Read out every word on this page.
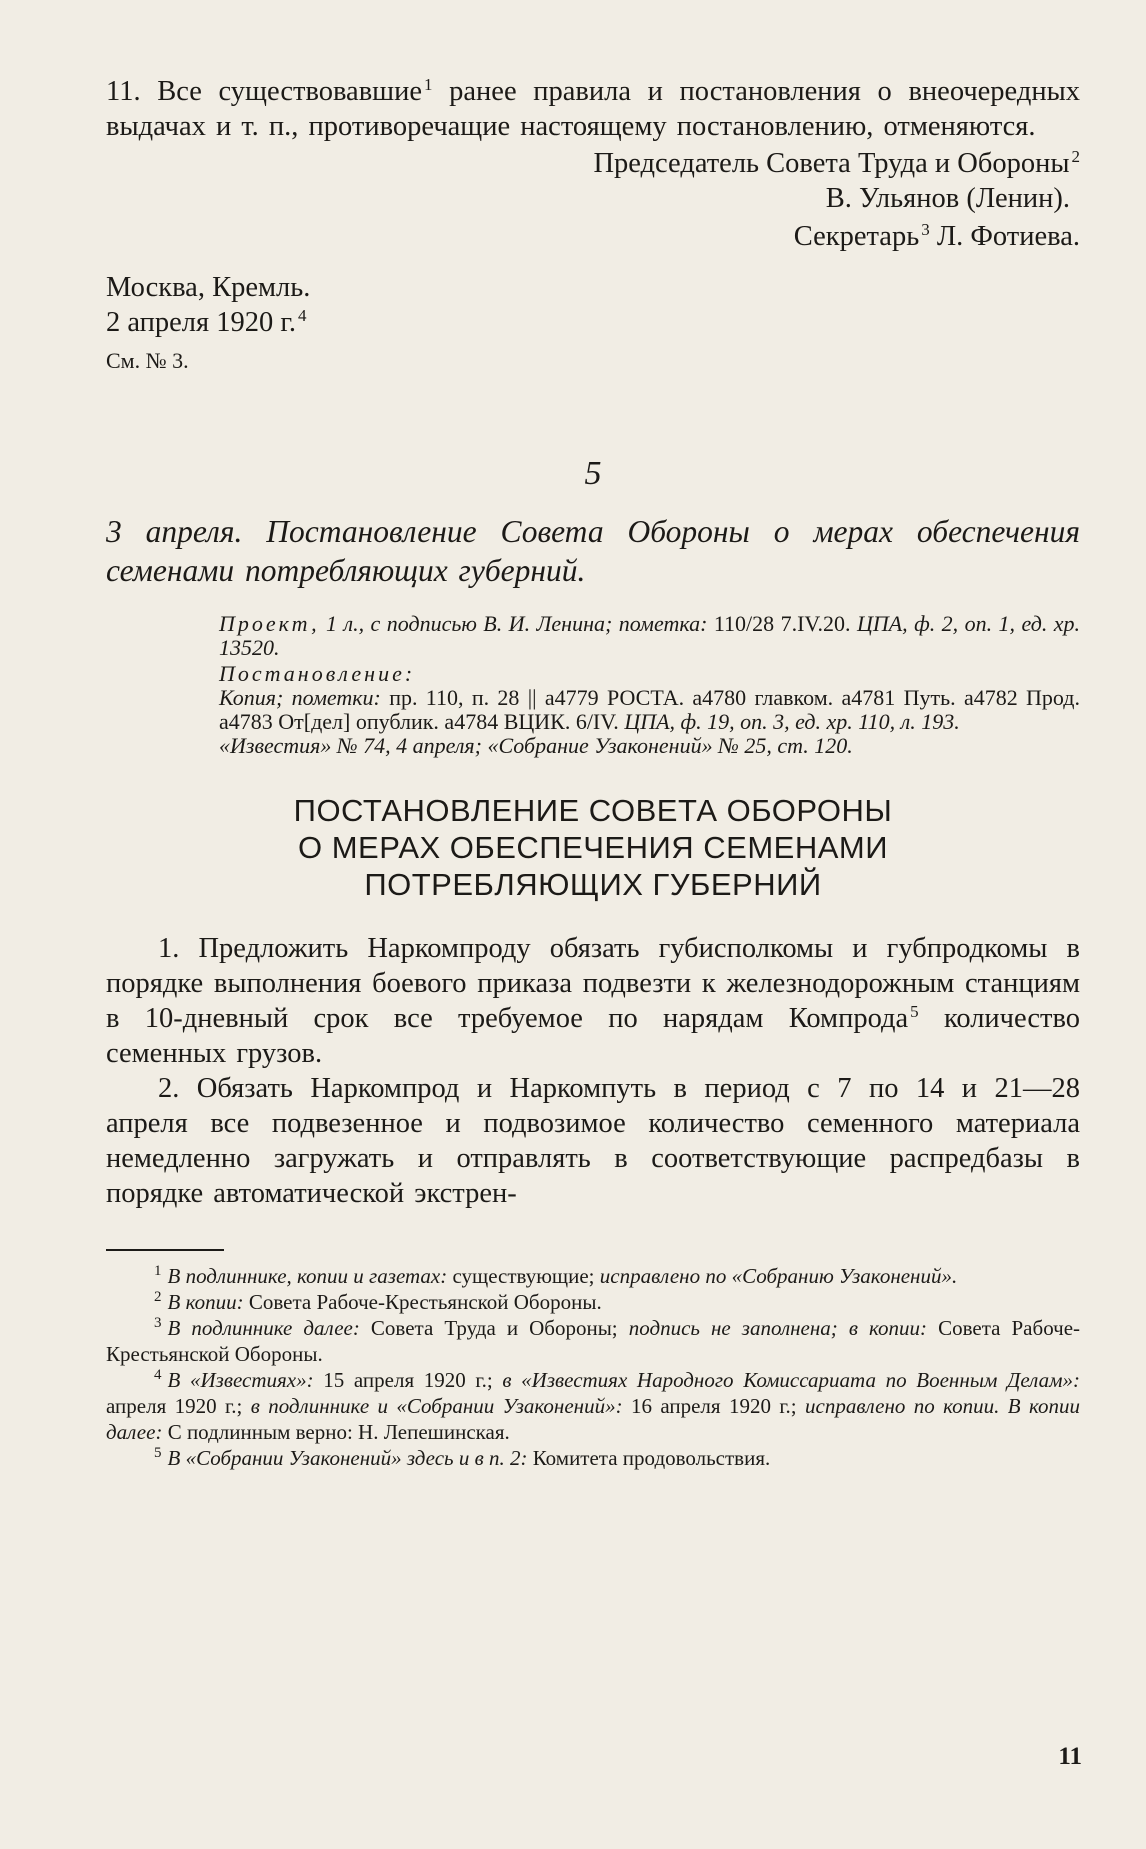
11. Все существовавшие $^1$ ранее правила и постановления о внеочередных выдачах и т. п., противоречащие настоящему постановлению, отменяются.

Председатель Совета Труда и Обороны $^2$
В. Ульянов (Ленин).
Секретарь $^3$ Л. Фотиева.
Москва, Кремль.
2 апреля 1920 г. $^4$
См. № 3.
5

3 апреля. Постановление Совета Обороны о мерах обеспечения семенами потребляющих губерний.

Проект, 1 л., с подписью В. И. Ленина; пометка: 110/28 7.IV.20. ЦПА, ф. 2, оп. 1, ед. хр. 13520.

Постановление:

Копия; пометки: пр. 110, п. 28 || а4779 РОСТА. а4780 главком. а4781 Путь. а4782 Прод. а4783 От[дел] опублик. а4784 ВЦИК. 6/IV. ЦПА, ф. 19, оп. 3, ед. хр. 110, л. 193.

«Известия» № 74, 4 апреля; «Собрание Узаконений» № 25, ст. 120.

ПОСТАНОВЛЕНИЕ СОВЕТА ОБОРОНЫ
О МЕРАХ ОБЕСПЕЧЕНИЯ СЕМЕНАМИ
ПОТРЕБЛЯЮЩИХ ГУБЕРНИЙ

1. Предложить Наркомпроду обязать губисполкомы и губпродкомы в порядке выполнения боевого приказа подвезти к железнодорожным станциям в 10-дневный срок все требуемое по нарядам Компрода $^5$ количество семенных грузов.

2. Обязать Наркомпрод и Наркомпуть в период с 7 по 14 и 21—28 апреля все подвезенное и подвозимое количество семенного материала немедленно загружать и отправлять в соответствующие распредбазы в порядке автоматической экстрен-

$^1$ В подлиннике, копии и газетах: существующие; исправлено по «Собранию Узаконений».

$^2$ В копии: Совета Рабоче-Крестьянской Обороны.

$^3$ В подлиннике далее: Совета Труда и Обороны; подпись не заполнена; в копии: Совета Рабоче-Крестьянской Обороны.

$^4$ В «Известиях»: 15 апреля 1920 г.; в «Известиях Народного Комиссариата по Военным Делам»: апреля 1920 г.; в подлиннике и «Собрании Узаконений»: 16 апреля 1920 г.; исправлено по копии. В копии далее: С подлинным верно: Н. Лепешинская.

$^5$ В «Собрании Узаконений» здесь и в п. 2: Комитета продовольствия.

11
